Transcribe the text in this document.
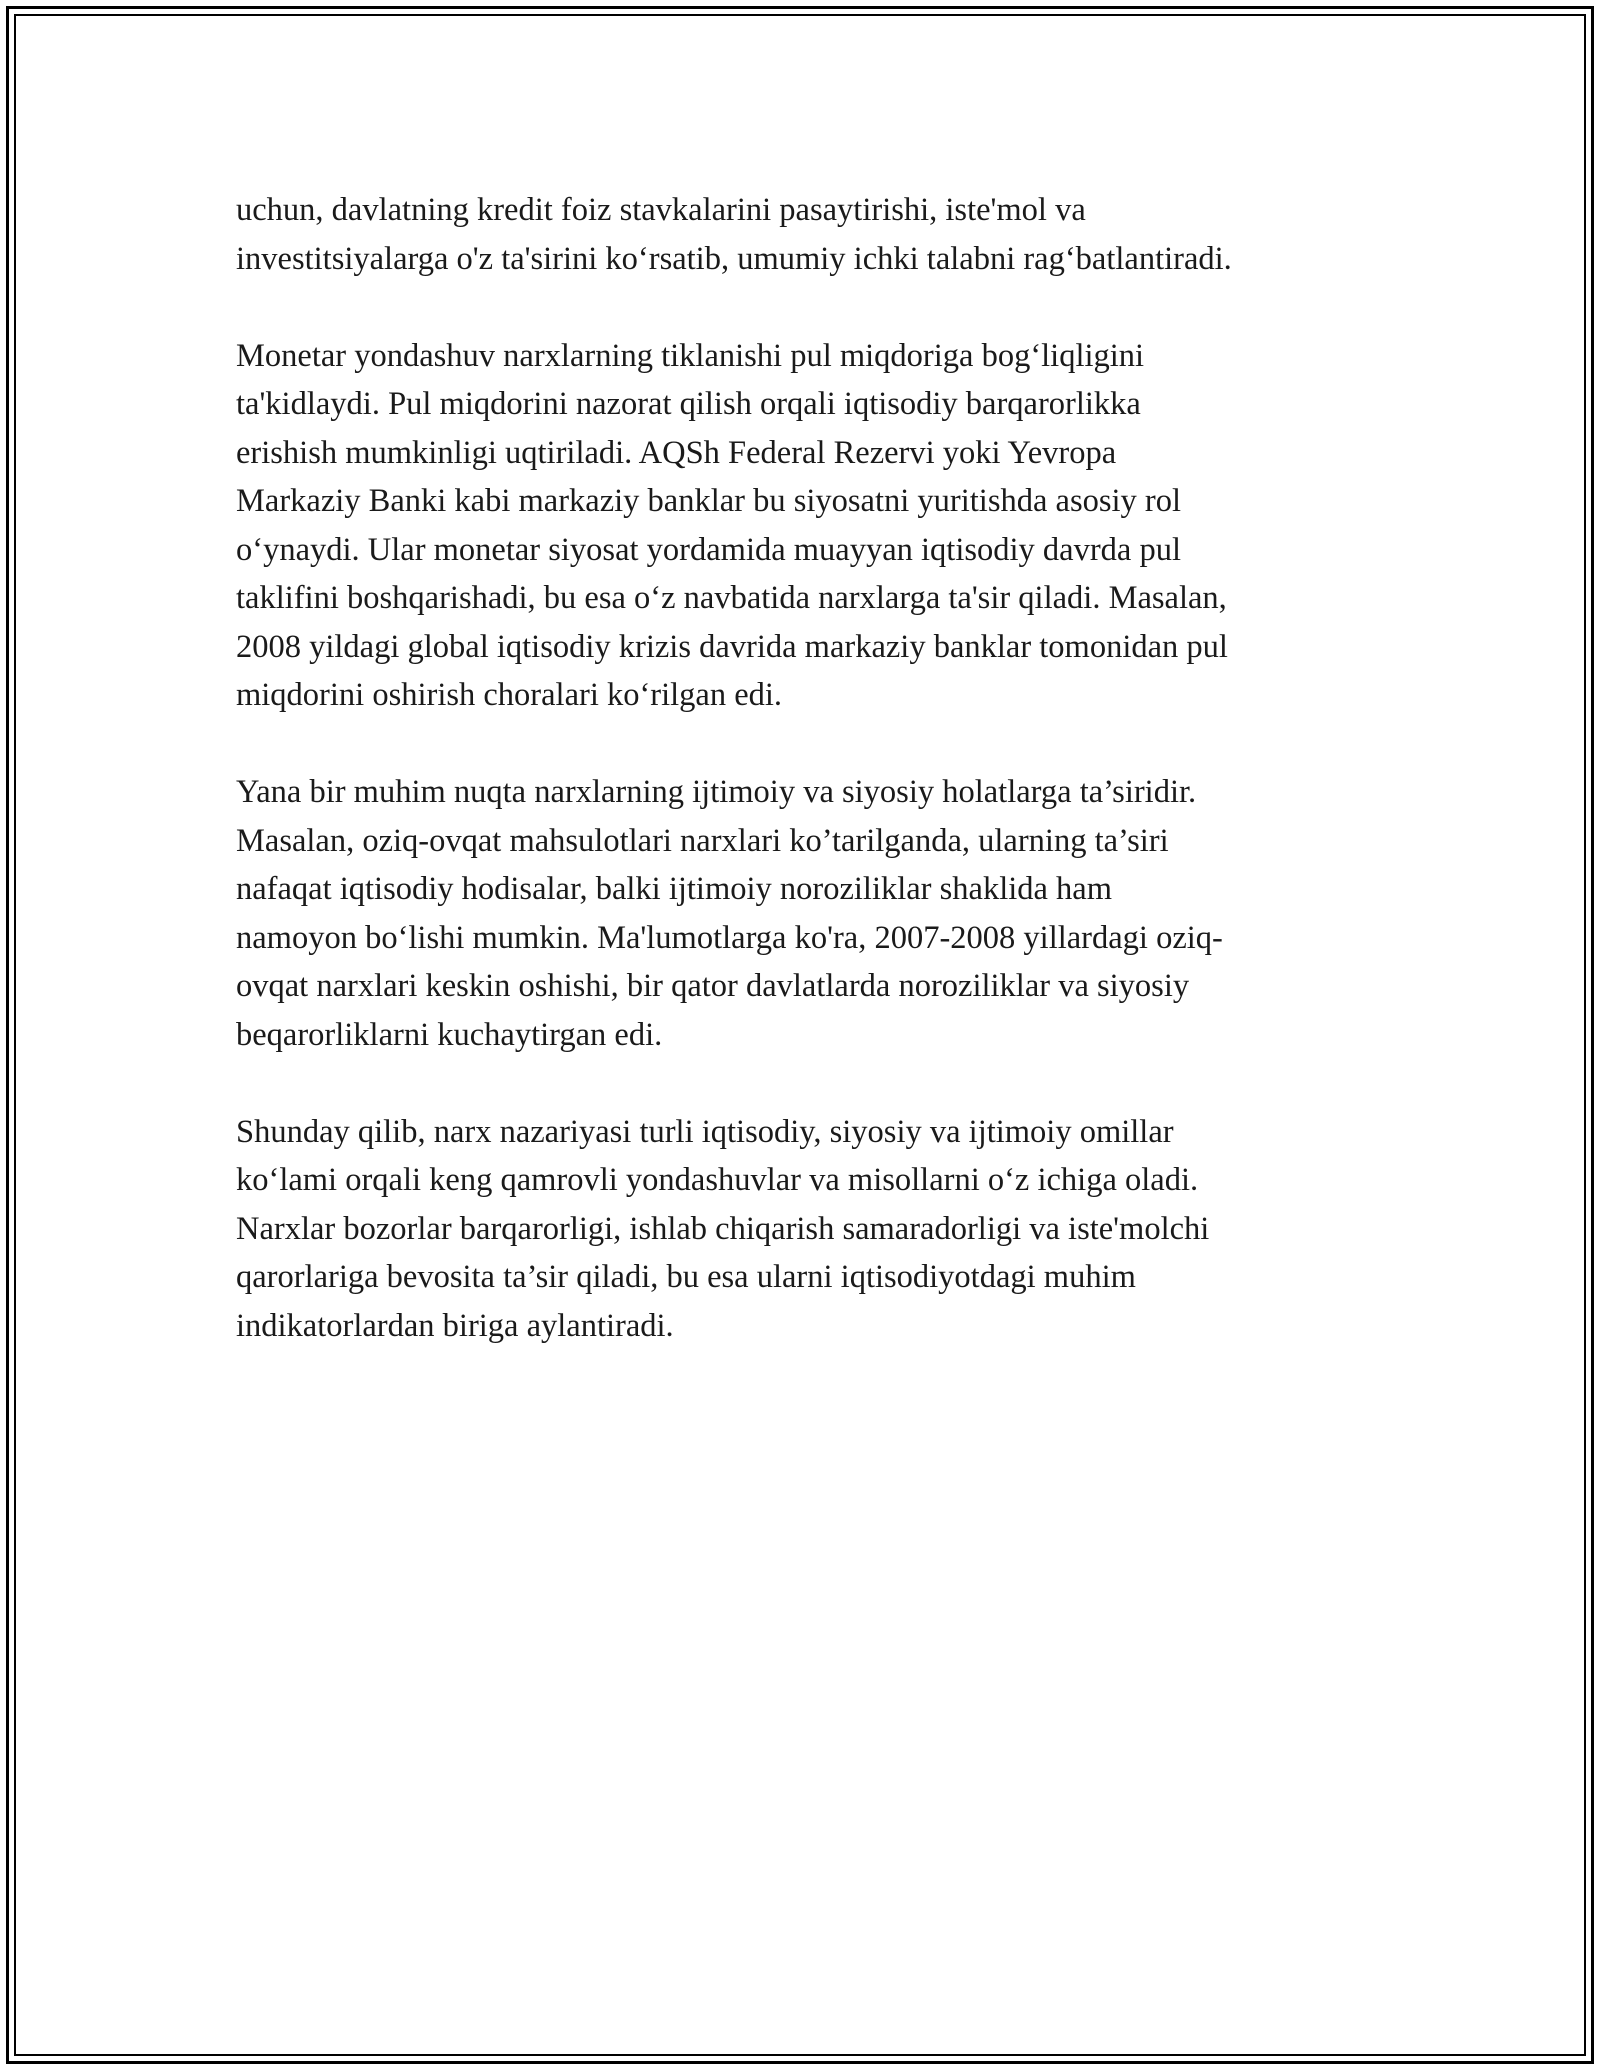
uchun, davlatning kredit foiz stavkalarini pasaytirishi, iste'mol va
investitsiyalarga o'z ta'sirini ko‘rsatib, umumiy ichki talabni rag‘batlantiradi.

Monetar yondashuv narxlarning tiklanishi pul miqdoriga bog‘liqligini
ta'kidlaydi. Pul miqdorini nazorat qilish orqali iqtisodiy barqarorlikka
erishish mumkinligi uqtiriladi. AQSh Federal Rezervi yoki Yevropa
Markaziy Banki kabi markaziy banklar bu siyosatni yuritishda asosiy rol
o‘ynaydi. Ular monetar siyosat yordamida muayyan iqtisodiy davrda pul
taklifini boshqarishadi, bu esa o‘z navbatida narxlarga ta'sir qiladi. Masalan,
2008 yildagi global iqtisodiy krizis davrida markaziy banklar tomonidan pul
miqdorini oshirish choralari ko‘rilgan edi.

Yana bir muhim nuqta narxlarning ijtimoiy va siyosiy holatlarga ta’siridir.
Masalan, oziq-ovqat mahsulotlari narxlari ko’tarilganda, ularning ta’siri
nafaqat iqtisodiy hodisalar, balki ijtimoiy noroziliklar shaklida ham
namoyon bo‘lishi mumkin. Ma'lumotlarga ko'ra, 2007-2008 yillardagi oziq-
ovqat narxlari keskin oshishi, bir qator davlatlarda noroziliklar va siyosiy
beqarorliklarni kuchaytirgan edi.

Shunday qilib, narx nazariyasi turli iqtisodiy, siyosiy va ijtimoiy omillar
ko‘lami orqali keng qamrovli yondashuvlar va misollarni o‘z ichiga oladi.
Narxlar bozorlar barqarorligi, ishlab chiqarish samaradorligi va iste'molchi
qarorlariga bevosita ta’sir qiladi, bu esa ularni iqtisodiyotdagi muhim
indikatorlardan biriga aylantiradi.
